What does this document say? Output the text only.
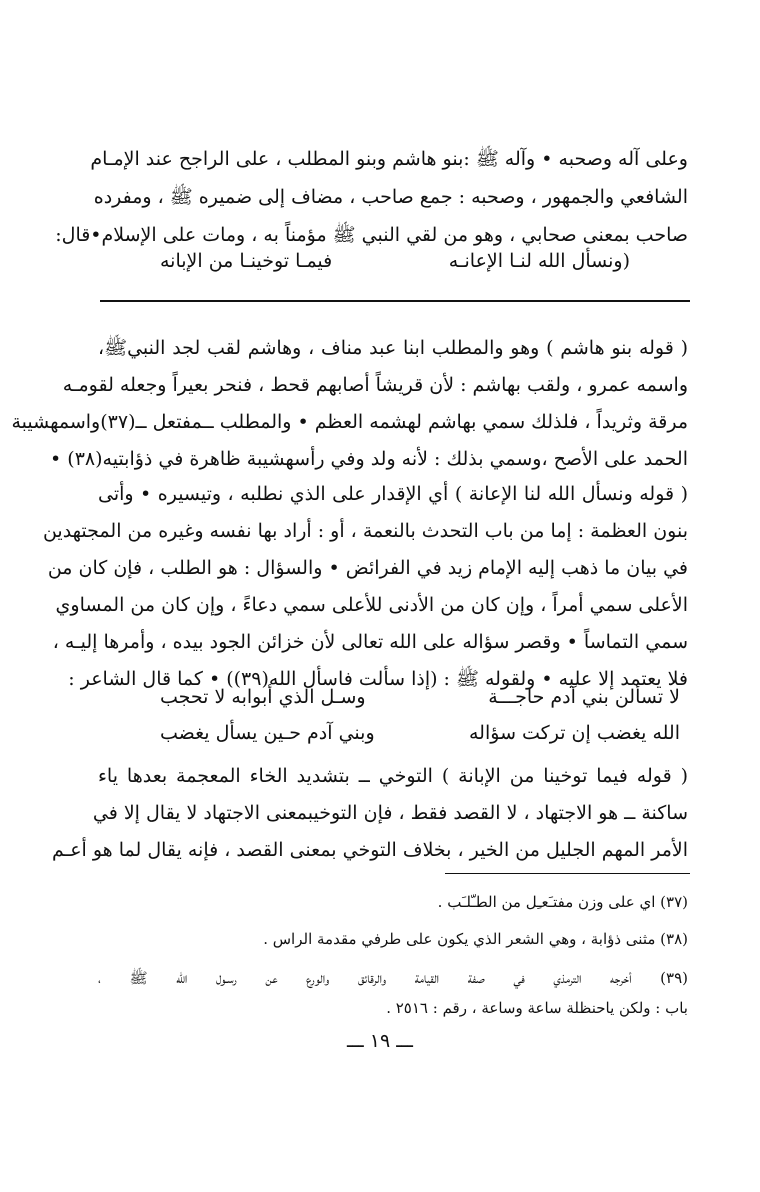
وعلى آله وصحبه • وآله ﷺ :بنو هاشم وبنو المطلب ، على الراجح عند الإمـام
الشافعي والجمهور ، وصحبه : جمع صاحب ، مضاف إلى ضميره ﷺ ، ومفرده
صاحب بمعنى صحابي ، وهو من لقي النبي ﷺ مؤمناً به ، ومات على الإسلام•قال:
(ونسأل الله لنـا الإعانـه
فيمـا توخينـا من الإبانه
( قوله بنو هاشم ) وهو والمطلب ابنا عبد مناف ، وهاشم لقب لجد النبيﷺ،
واسمه عمرو ، ولقب بهاشم : لأن قريشاً أصابهم قحط ، فنحر بعيراً وجعله لقومـه
مرقة وثريداً ، فلذلك سمي بهاشم لهشمه العظم • والمطلب ــمفتعل ــ(٣٧)واسمهشيبة
الحمد على الأصح ،وسمي بذلك : لأنه ولد وفي رأسهشيبة ظاهرة في ذؤابتيه(٣٨) •
( قوله ونسأل الله لنا الإعانة ) أي الإقدار على الذي نطلبه ، وتيسيره • وأتى
بنون العظمة : إما من باب التحدث بالنعمة ، أو : أراد بها نفسه وغيره من المجتهدين
في بيان ما ذهب إليه الإمام زيد في الفرائض • والسؤال : هو الطلب ، فإن كان من
الأعلى سمي أمراً ، وإن كان من الأدنى للأعلى سمي دعاءً ، وإن كان من المساوي
سمي التماساً • وقصر سؤاله على الله تعالى لأن خزائن الجود بيده ، وأمرها إليـه ،
فلا يعتمد إلا عليه • ولقوله ﷺ : (إذا سألت فاسأل الله(٣٩)) • كما قال الشاعر :
لا تسألن بني آدم حاجـــة
وسـل الذي أبوابه لا تحجب
الله يغضب إن تركت سؤاله
وبني آدم حـين يسأل يغضب
( قوله فيما توخينا من الإبانة ) التوخي ــ بتشديد الخاء المعجمة بعدها ياء
ساكنة ــ هو الاجتهاد ، لا القصد فقط ، فإن التوخيبمعنى الاجتهاد لا يقال إلا في
الأمر المهم الجليل من الخير ، بخلاف التوخي بمعنى القصد ، فإنه يقال لما هو أعـم
(٣٧) اي على وزن مفتـَعـِل من الطـّلـَب .
(٣٨) مثنى ذؤابة ، وهي الشعر الذي يكون على طرفي مقدمة الراس .
(٣٩) أخرجه الترمذي في صفة القيامة والرقائق والورع عن رسـول الله ﷺ ،
باب : ولكن ياحنظلة ساعة وساعة ، رقم : ٢٥١٦ .
ـــ ١٩ ـــ
